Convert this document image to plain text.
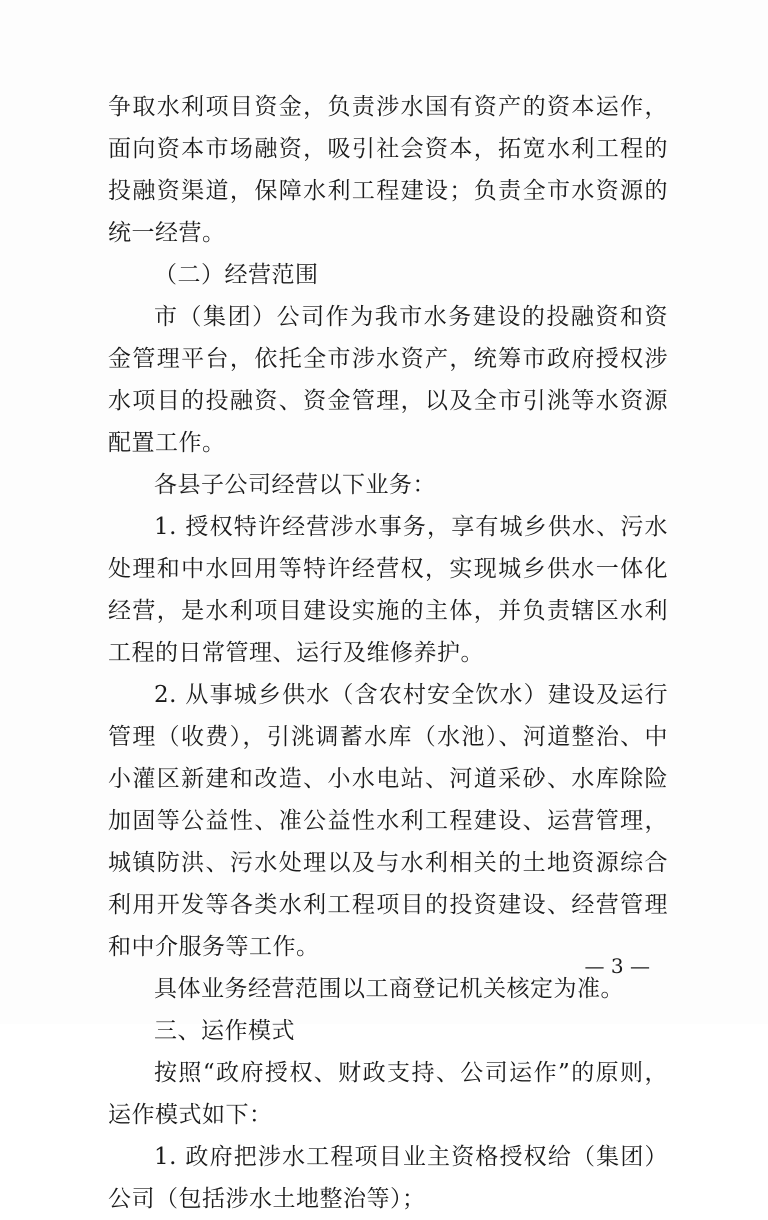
争取水利项目资金，负责涉水国有资产的资本运作，面向资本市场融资，吸引社会资本，拓宽水利工程的投融资渠道，保障水利工程建设；负责全市水资源的统一经营。

（二）经营范围

市（集团）公司作为我市水务建设的投融资和资金管理平台，依托全市涉水资产，统筹市政府授权涉水项目的投融资、资金管理，以及全市引洮等水资源配置工作。

各县子公司经营以下业务：

1. 授权特许经营涉水事务，享有城乡供水、污水处理和中水回用等特许经营权，实现城乡供水一体化经营，是水利项目建设实施的主体，并负责辖区水利工程的日常管理、运行及维修养护。

2. 从事城乡供水（含农村安全饮水）建设及运行管理（收费），引洮调蓄水库（水池）、河道整治、中小灌区新建和改造、小水电站、河道采砂、水库除险加固等公益性、准公益性水利工程建设、运营管理，城镇防洪、污水处理以及与水利相关的土地资源综合利用开发等各类水利工程项目的投资建设、经营管理和中介服务等工作。

具体业务经营范围以工商登记机关核定为准。

三、运作模式

按照“政府授权、财政支持、公司运作”的原则，运作模式如下：

1. 政府把涉水工程项目业主资格授权给（集团）公司（包括涉水土地整治等）；

— 3 —
